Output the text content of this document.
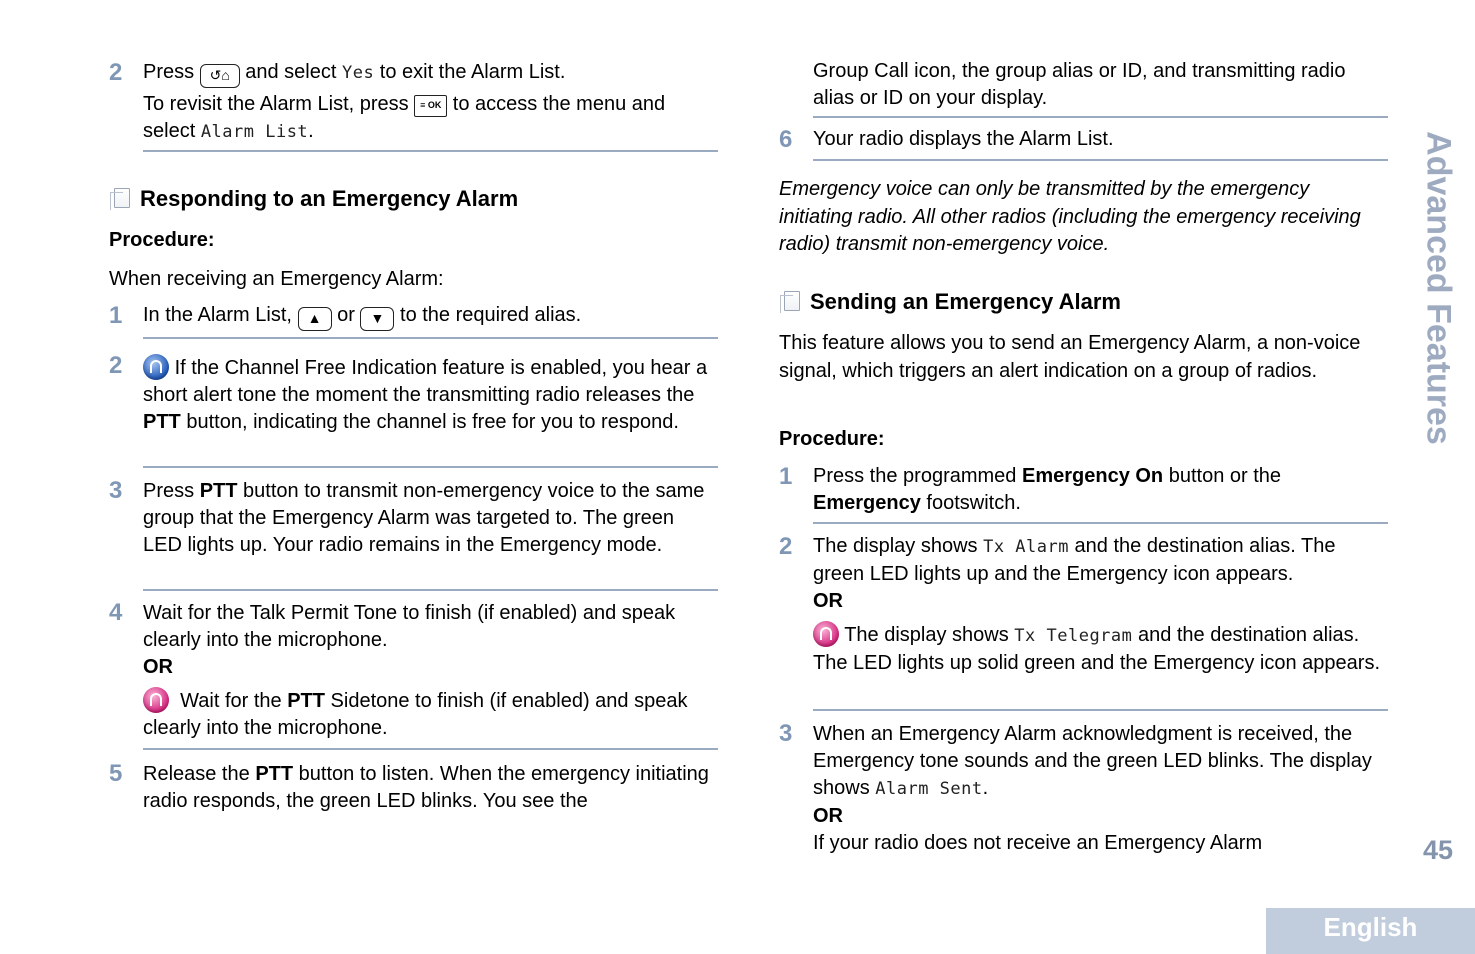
2	Press ↺⌂ and select Yes to exit the Alarm List.
To revisit the Alarm List, press ≡ OK to access the menu and select Alarm List.
Responding to an Emergency Alarm
Procedure:
When receiving an Emergency Alarm:
1	In the Alarm List, ▲ or ▼ to the required alias.
2	If the Channel Free Indication feature is enabled, you hear a short alert tone the moment the transmitting radio releases the PTT button, indicating the channel is free for you to respond.
3	Press PTT button to transmit non-emergency voice to the same group that the Emergency Alarm was targeted to. The green LED lights up. Your radio remains in the Emergency mode.
4	Wait for the Talk Permit Tone to finish (if enabled) and speak clearly into the microphone.
OR
Wait for the PTT Sidetone to finish (if enabled) and speak clearly into the microphone.
5	Release the PTT button to listen. When the emergency initiating radio responds, the green LED blinks. You see the
Group Call icon, the group alias or ID, and transmitting radio alias or ID on your display.
6	Your radio displays the Alarm List.
Emergency voice can only be transmitted by the emergency initiating radio. All other radios (including the emergency receiving radio) transmit non-emergency voice.
Sending an Emergency Alarm
This feature allows you to send an Emergency Alarm, a non-voice signal, which triggers an alert indication on a group of radios.
Procedure:
1	Press the programmed Emergency On button or the Emergency footswitch.
2	The display shows Tx Alarm and the destination alias. The green LED lights up and the Emergency icon appears.
OR
The display shows Tx Telegram and the destination alias. The LED lights up solid green and the Emergency icon appears.
3	When an Emergency Alarm acknowledgment is received, the Emergency tone sounds and the green LED blinks. The display shows Alarm Sent.
OR
If your radio does not receive an Emergency Alarm
Advanced Features
45
English
